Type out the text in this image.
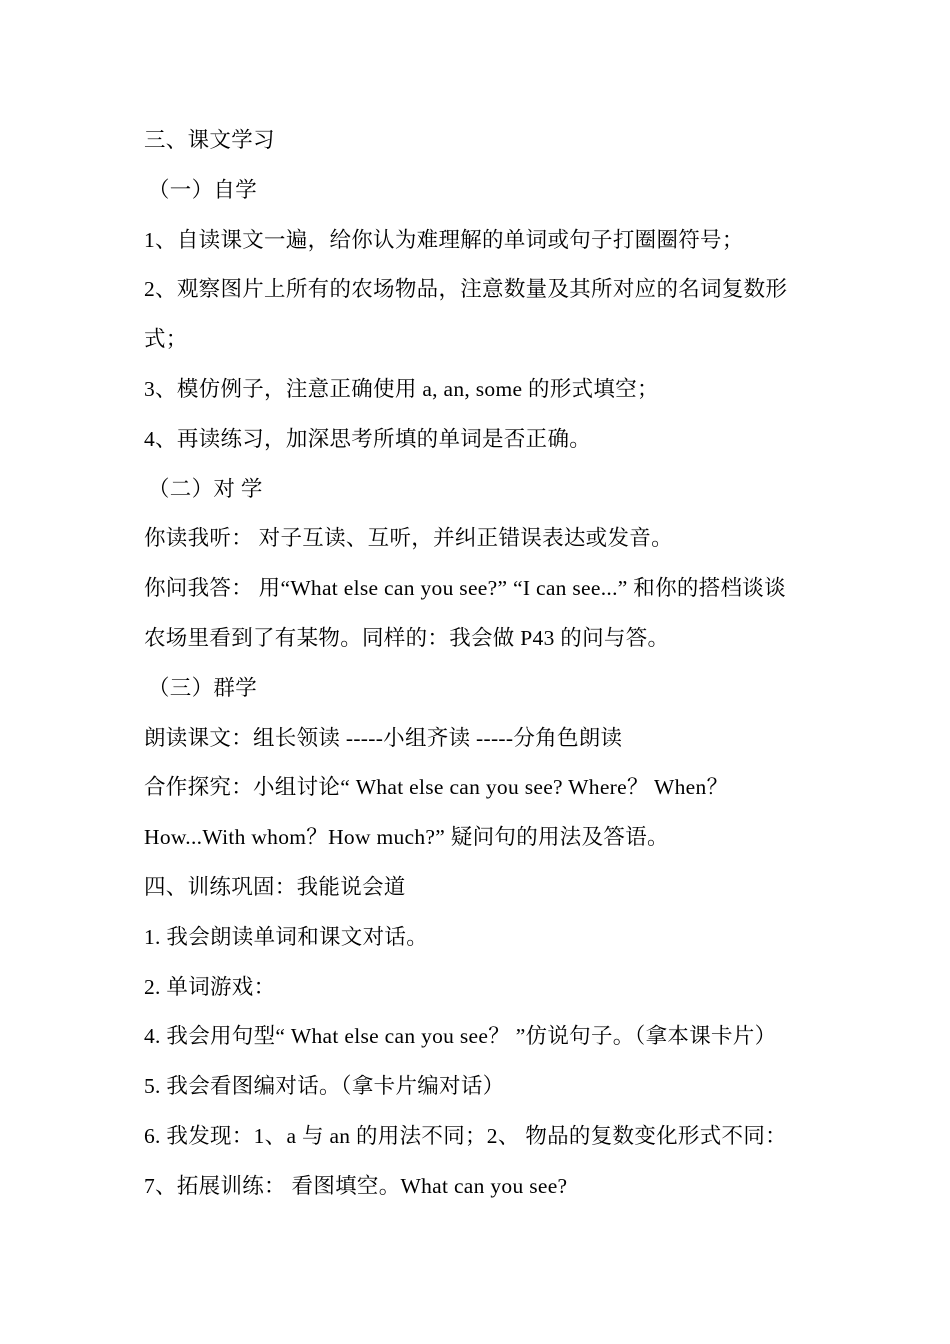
三、课文学习
（一）自学
1、自读课文一遍，给你认为难理解的单词或句子打圈圈符号；
2、观察图片上所有的农场物品，注意数量及其所对应的名词复数形
式；
3、模仿例子，注意正确使用 a, an, some 的形式填空；
4、再读练习，加深思考所填的单词是否正确。
（二）对 学
你读我听： 对子互读、互听，并纠正错误表达或发音。
你问我答： 用“What else can you see?” “I can see...” 和你的搭档谈谈
农场里看到了有某物。同样的：我会做 P43 的问与答。
（三）群学
朗读课文：组长领读 -----小组齐读 -----分角色朗读
合作探究：小组讨论“ What else can you see? Where？ When？
How...With whom？How much?” 疑问句的用法及答语。
四、训练巩固：我能说会道
1. 我会朗读单词和课文对话。
2. 单词游戏：
4. 我会用句型“ What else can you see？ ”仿说句子。（拿本课卡片）
5. 我会看图编对话。（拿卡片编对话）
6. 我发现：1、a 与 an 的用法不同；2、 物品的复数变化形式不同：
7、拓展训练： 看图填空。What can you see?
